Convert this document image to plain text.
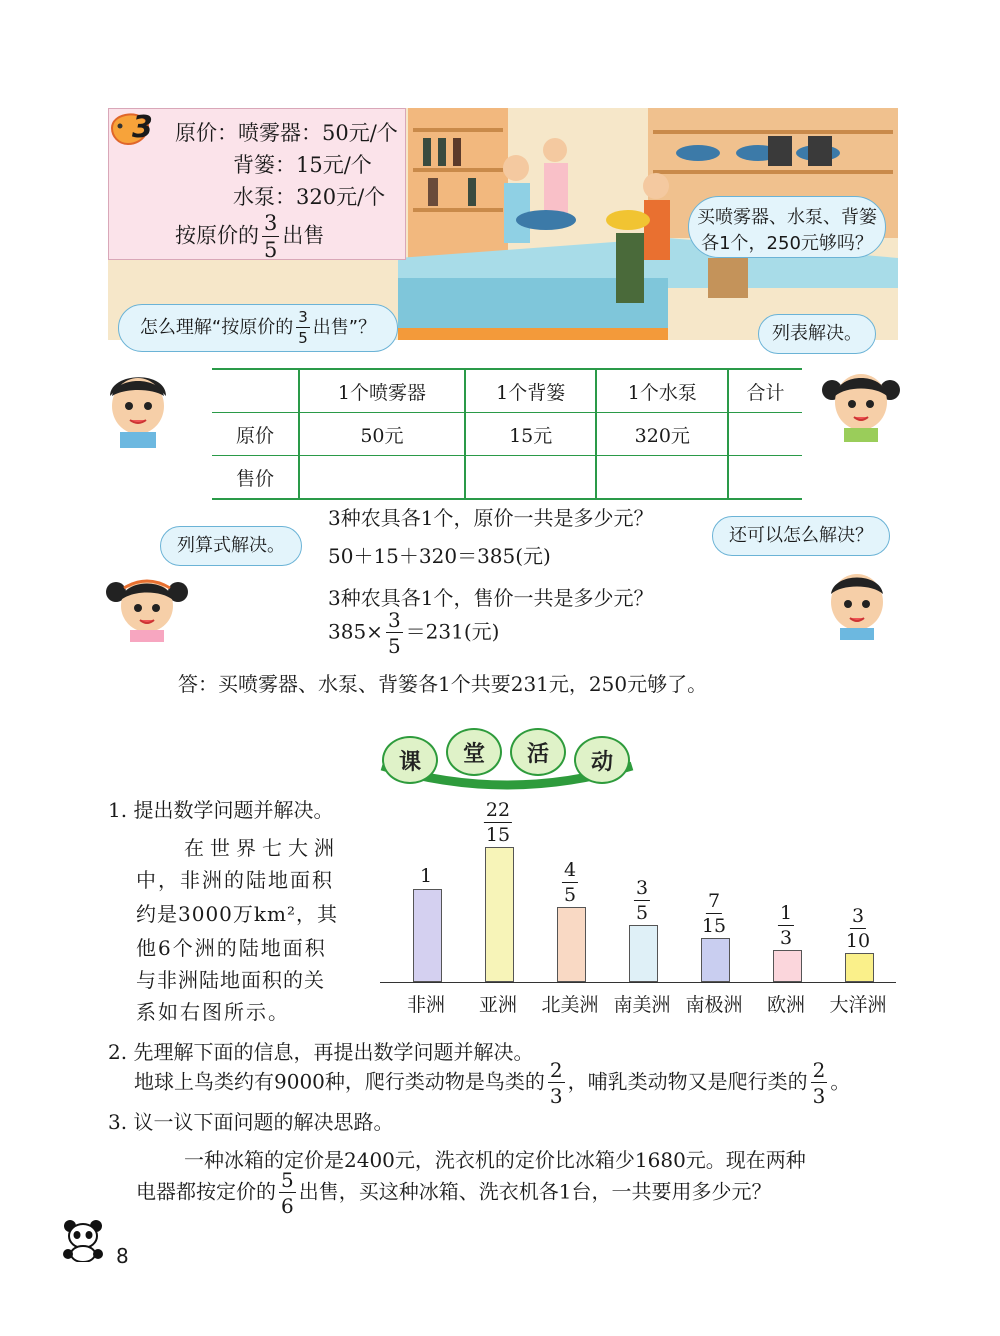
原价：喷雾器：50元/个
背篓：15元/个
水泵：320元/个
按原价的 $\frac{3}{5}$ 出售
3
买喷雾器、水泵、背篓
各1个，250元够吗？
怎么理解“按原价的 $\frac{3}{5}$ 出售”？	列表解决。
	1个喷雾器	1个背篓	1个水泵	合计
原价	50元	15元	320元	
售价				
列算式解决。	还可以怎么解决？
3种农具各1个，原价一共是多少元？
50＋15＋320＝385(元)
3种农具各1个，售价一共是多少元？
$385\times \frac{3}{5} =231$(元)
答：买喷雾器、水泵、背篓各1个共要231元，250元够了。
课	堂	活	动
1. 提出数学问题并解决。
在世界七大洲
中，非洲的陆地面积
约是3000万km²，其
他6个洲的陆地面积
与非洲陆地面积的关
系如右图所示。
1
非洲
$\frac{22}{15}$
亚洲
$\frac{4}{5}$
北美洲
$\frac{3}{5}$
南美洲
$\frac{7}{15}$
南极洲
$\frac{1}{3}$
欧洲
$\frac{3}{10}$
大洋洲
2. 先理解下面的信息，再提出数学问题并解决。
地球上鸟类约有9000种，爬行类动物是鸟类的 $\frac{2}{3}$ ，哺乳类动物又是爬行类的 $\frac{2}{3}$ 。
3. 议一议下面问题的解决思路。
一种冰箱的定价是2400元，洗衣机的定价比冰箱少1680元。现在两种
电器都按定价的 $\frac{5}{6}$ 出售，买这种冰箱、洗衣机各1台，一共要用多少元？
8
